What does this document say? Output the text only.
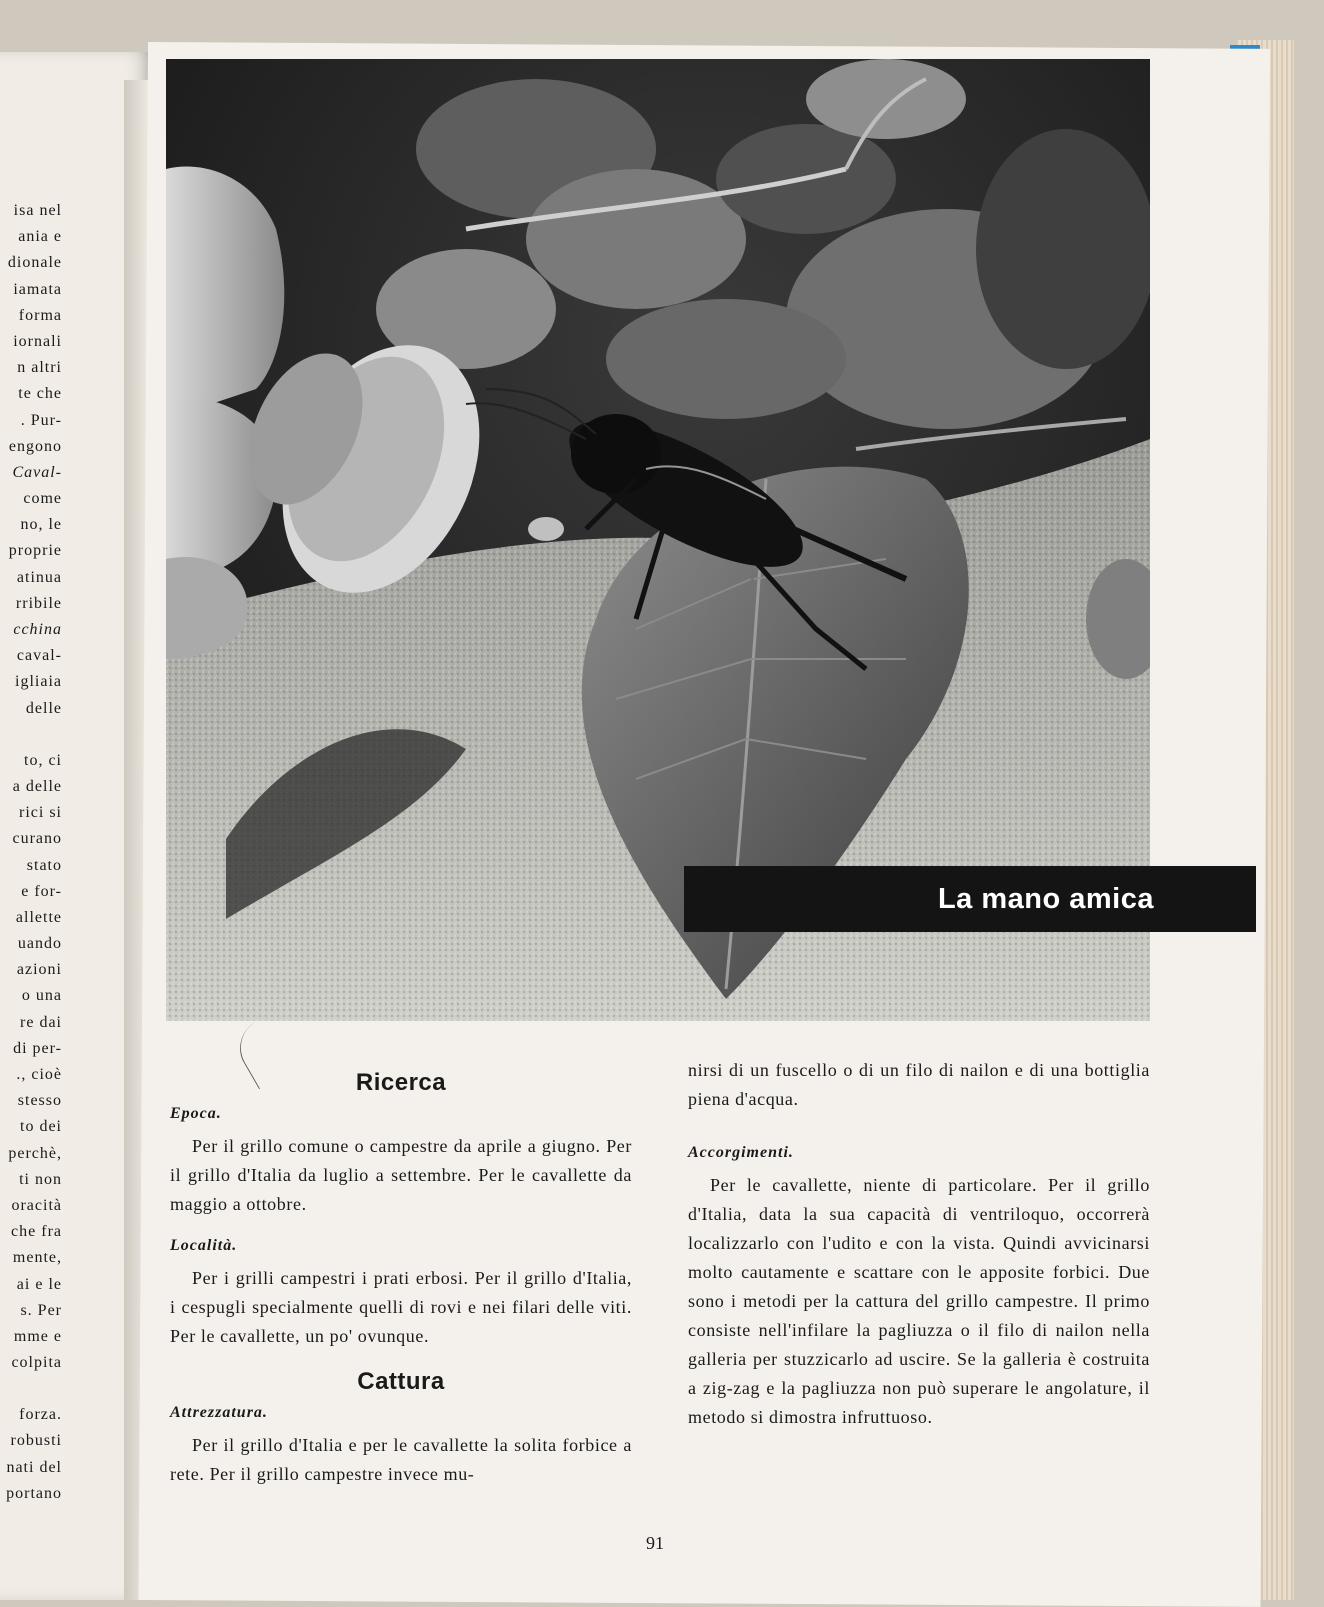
isa nel
ania e
dionale
iamata
forma
iornali
n altri
te che
. Pur-
engono
Caval-
come
no, le
proprie
atinua
rribile
cchina
caval-
igliaia
delle
to, ci
a delle
rici si
curano
stato
e for-
allette
uando
azioni
o una
re dai
di per-
., cioè
stesso
to dei
perchè,
ti non
oracità
che fra
mente,
ai e le
s. Per
mme e
colpita
forza.
robusti
nati del
portano
La mano amica
Ricerca
Epoca.

Per il grillo comune o campestre da aprile a giugno. Per il grillo d'Italia da luglio a settembre. Per le cavallette da maggio a ottobre.

Località.

Per i grilli campestri i prati erbosi. Per il grillo d'Italia, i cespugli specialmente quelli di rovi e nei filari delle viti. Per le cavallette, un po' ovunque.

Cattura
Attrezzatura.

Per il grillo d'Italia e per le cavallette la solita forbice a rete. Per il grillo campestre invece mu-

nirsi di un fuscello o di un filo di nailon e di una bottiglia piena d'acqua.

Accorgimenti.

Per le cavallette, niente di particolare. Per il grillo d'Italia, data la sua capacità di ventriloquo, occorrerà localizzarlo con l'udito e con la vista. Quindi avvicinarsi molto cautamente e scattare con le apposite forbici. Due sono i metodi per la cattura del grillo campestre. Il primo consiste nell'infilare la pagliuzza o il filo di nailon nella galleria per stuzzicarlo ad uscire. Se la galleria è costruita a zig-zag e la pagliuzza non può superare le angolature, il metodo si dimostra infruttuoso.

91
